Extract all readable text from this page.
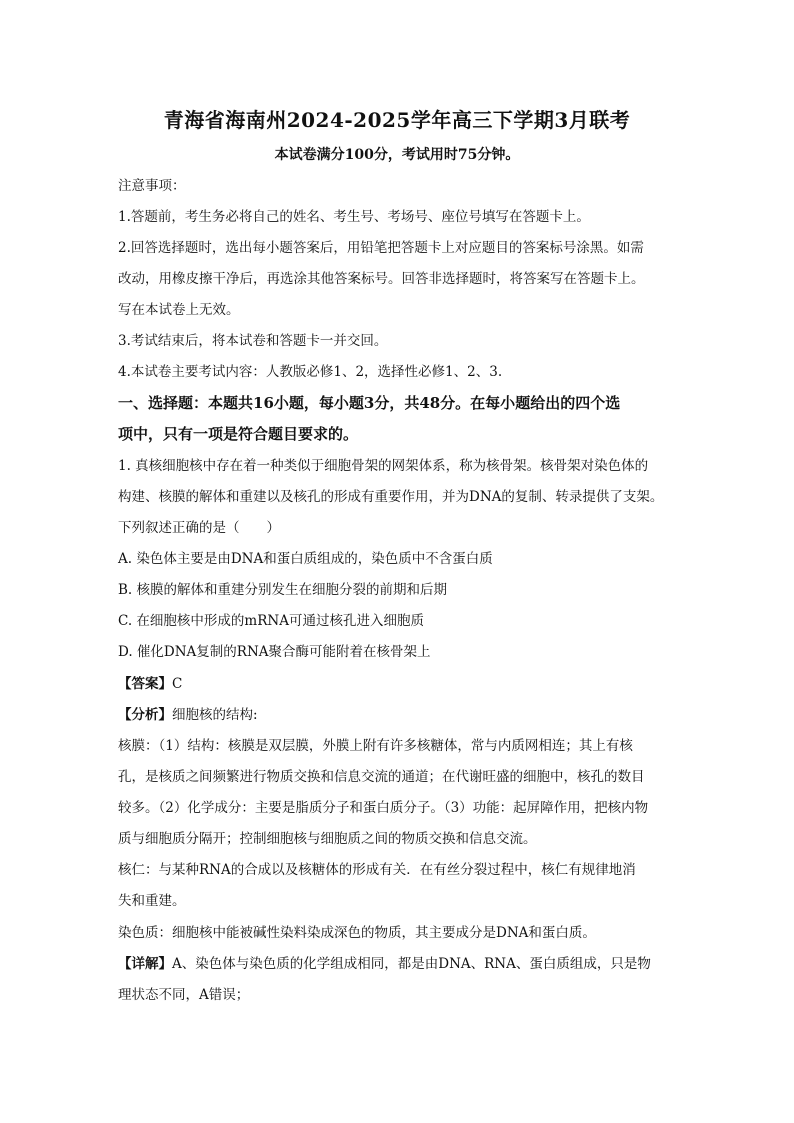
青海省海南州2024-2025学年高三下学期3月联考
本试卷满分100分，考试用时75分钟。
注意事项：
1.答题前，考生务必将自己的姓名、考生号、考场号、座位号填写在答题卡上。
2.回答选择题时，选出每小题答案后，用铅笔把答题卡上对应题目的答案标号涂黑。如需
改动，用橡皮擦干净后，再选涂其他答案标号。回答非选择题时，将答案写在答题卡上。
写在本试卷上无效。
3.考试结束后，将本试卷和答题卡一并交回。
4.本试卷主要考试内容：人教版必修1、2，选择性必修1、2、3.
一、选择题：本题共16小题，每小题3分，共48分。在每小题给出的四个选
项中，只有一项是符合题目要求的。
1. 真核细胞核中存在着一种类似于细胞骨架的网架体系，称为核骨架。核骨架对染色体的
构建、核膜的解体和重建以及核孔的形成有重要作用，并为DNA的复制、转录提供了支架。
下列叙述正确的是（　　）
A. 染色体主要是由DNA和蛋白质组成的，染色质中不含蛋白质
B. 核膜的解体和重建分别发生在细胞分裂的前期和后期
C. 在细胞核中形成的mRNA可通过核孔进入细胞质
D. 催化DNA复制的RNA聚合酶可能附着在核骨架上
【答案】C
【分析】细胞核的结构:
核膜：（1）结构：核膜是双层膜，外膜上附有许多核糖体，常与内质网相连；其上有核
孔，是核质之间频繁进行物质交换和信息交流的通道；在代谢旺盛的细胞中，核孔的数目
较多。（2）化学成分：主要是脂质分子和蛋白质分子。（3）功能：起屏障作用，把核内物
质与细胞质分隔开；控制细胞核与细胞质之间的物质交换和信息交流。
核仁：与某种RNA的合成以及核糖体的形成有关．在有丝分裂过程中，核仁有规律地消
失和重建。
染色质：细胞核中能被碱性染料染成深色的物质，其主要成分是DNA和蛋白质。
【详解】A、染色体与染色质的化学组成相同，都是由DNA、RNA、蛋白质组成，只是物
理状态不同，A错误；
